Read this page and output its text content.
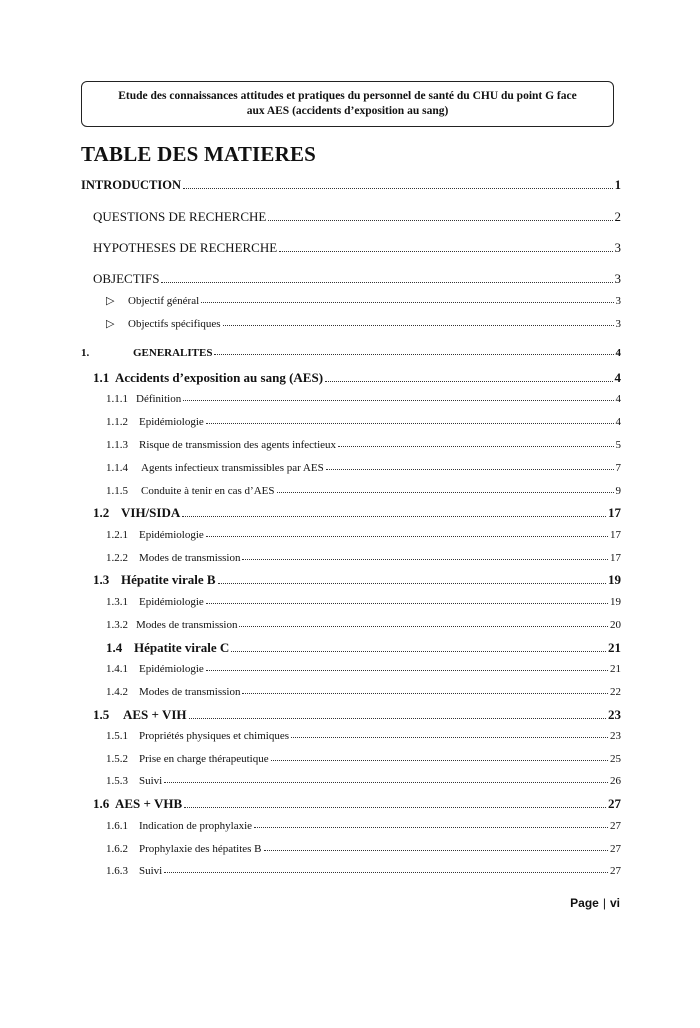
Etude des connaissances attitudes et pratiques du personnel de santé du CHU du point G face
aux AES (accidents d’exposition au sang)
TABLE DES MATIERES
INTRODUCTION	1
QUESTIONS DE RECHERCHE	2
HYPOTHESES DE RECHERCHE	3
OBJECTIFS	3
▷	Objectif général	3
▷	Objectifs spécifiques	3
1.	GENERALITES	4
1.1 Accidents d’exposition au sang (AES)	4
1.1.1 Définition	4
1.1.2	Epidémiologie	4
1.1.3	Risque de transmission des agents infectieux	5
1.1.4	Agents infectieux transmissibles par AES	7
1.1.5	Conduite à tenir en cas d’AES	9
1.2 VIH/SIDA	17
1.2.1	Epidémiologie	17
1.2.2	Modes de transmission	17
1.3 Hépatite virale B	19
1.3.1	Epidémiologie	19
1.3.2 Modes de transmission	20
1.4 Hépatite virale C	21
1.4.1	Epidémiologie	21
1.4.2	Modes de transmission	22
1.5	AES + VIH	23
1.5.1	Propriétés physiques et chimiques	23
1.5.2	Prise en charge thérapeutique	25
1.5.3	Suivi	26
1.6 AES + VHB	27
1.6.1	Indication de prophylaxie	27
1.6.2	Prophylaxie des hépatites B	27
1.6.3	Suivi	27
Page | vi
